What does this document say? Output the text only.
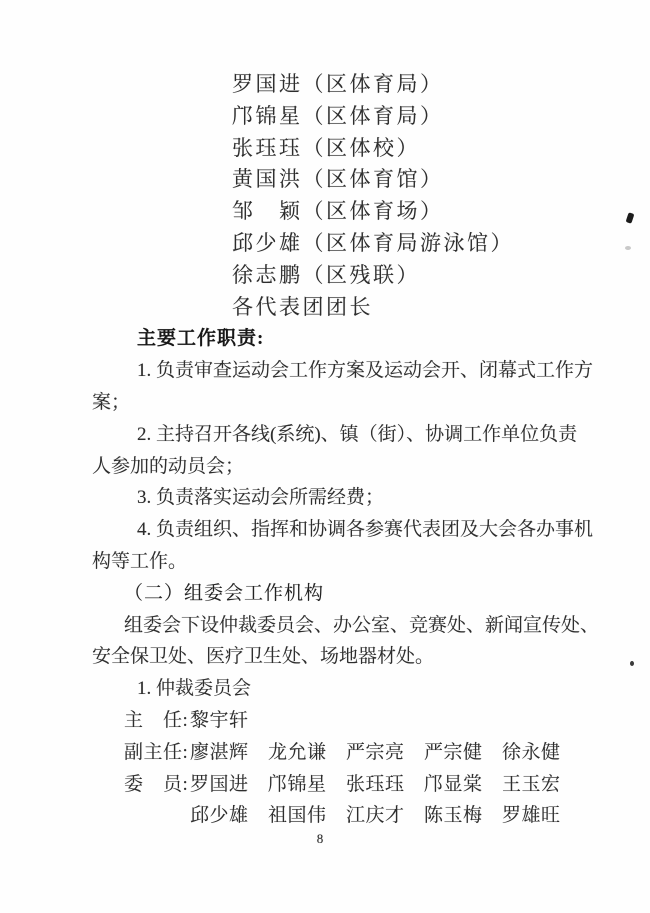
罗国进（区体育局）
邝锦星（区体育局）
张珏珏（区体校）
黄国洪（区体育馆）
邹　颖（区体育场）
邱少雄（区体育局游泳馆）
徐志鹏（区残联）
各代表团团长
主要工作职责:
1. 负责审查运动会工作方案及运动会开、闭幕式工作方
案；
2. 主持召开各线(系统)、镇（街）、协调工作单位负责
人参加的动员会；
3. 负责落实运动会所需经费；
4. 负责组织、指挥和协调各参赛代表团及大会各办事机
构等工作。
（二）组委会工作机构
组委会下设仲裁委员会、办公室、竞赛处、新闻宣传处、
安全保卫处、医疗卫生处、场地器材处。
1. 仲裁委员会
主　任: 黎宇轩
副主任: 廖湛辉　龙允谦　严宗亮　严宗健　徐永健
委　员: 罗国进　邝锦星　张珏珏　邝显棠　王玉宏
邱少雄　祖国伟　江庆才　陈玉梅　罗雄旺
8
